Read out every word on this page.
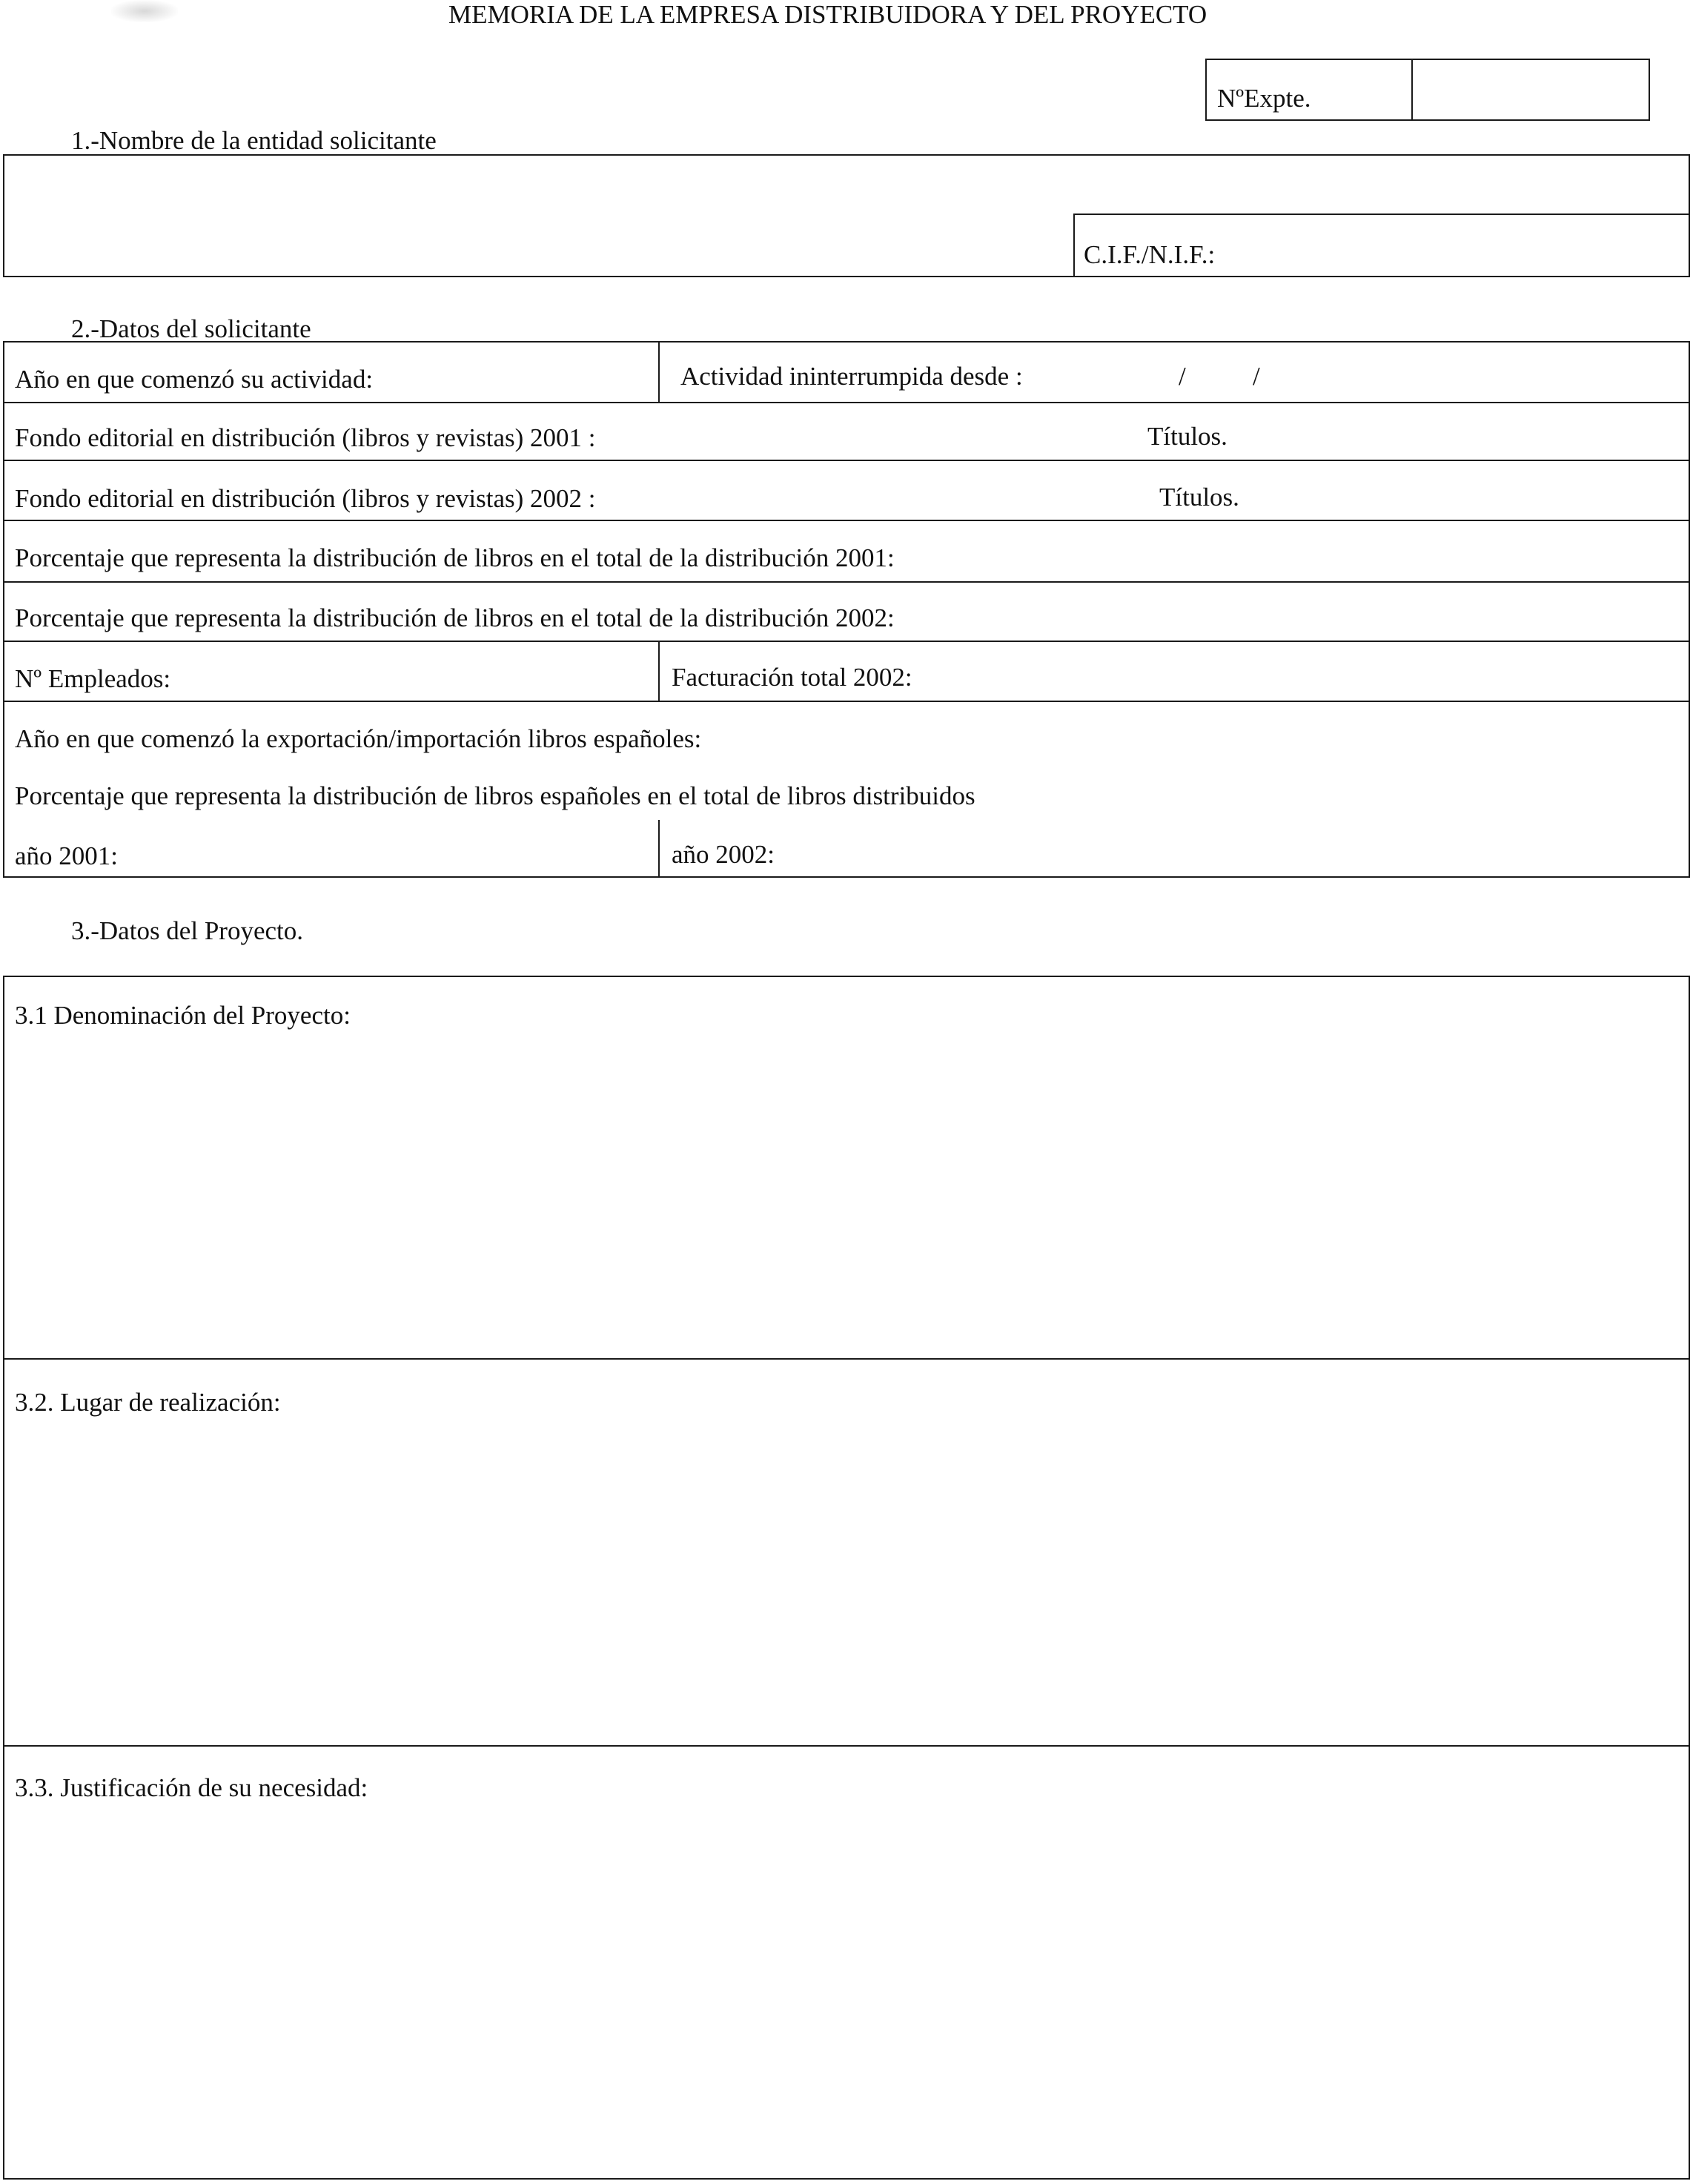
MEMORIA DE LA EMPRESA DISTRIBUIDORA Y DEL PROYECTO
NºExpte.
1.-Nombre de la entidad solicitante
C.I.F./N.I.F.:
2.-Datos del solicitante
Año en que comenzó su actividad:	Actividad ininterrumpida desde :	/	/
Fondo editorial en distribución (libros y revistas) 2001 :	Títulos.
Fondo editorial en distribución (libros y revistas) 2002 :	Títulos.
Porcentaje que representa la distribución de libros en el total de la distribución 2001:
Porcentaje que representa la distribución de libros en el total de la distribución 2002:
Nº Empleados:	Facturación total 2002:
Año en que comenzó la exportación/importación libros españoles:
Porcentaje que representa la distribución de libros españoles en el total de libros distribuidos
año 2001:	año 2002:
3.-Datos del Proyecto.
3.1 Denominación del Proyecto:
3.2. Lugar de realización:
3.3. Justificación de su necesidad:
